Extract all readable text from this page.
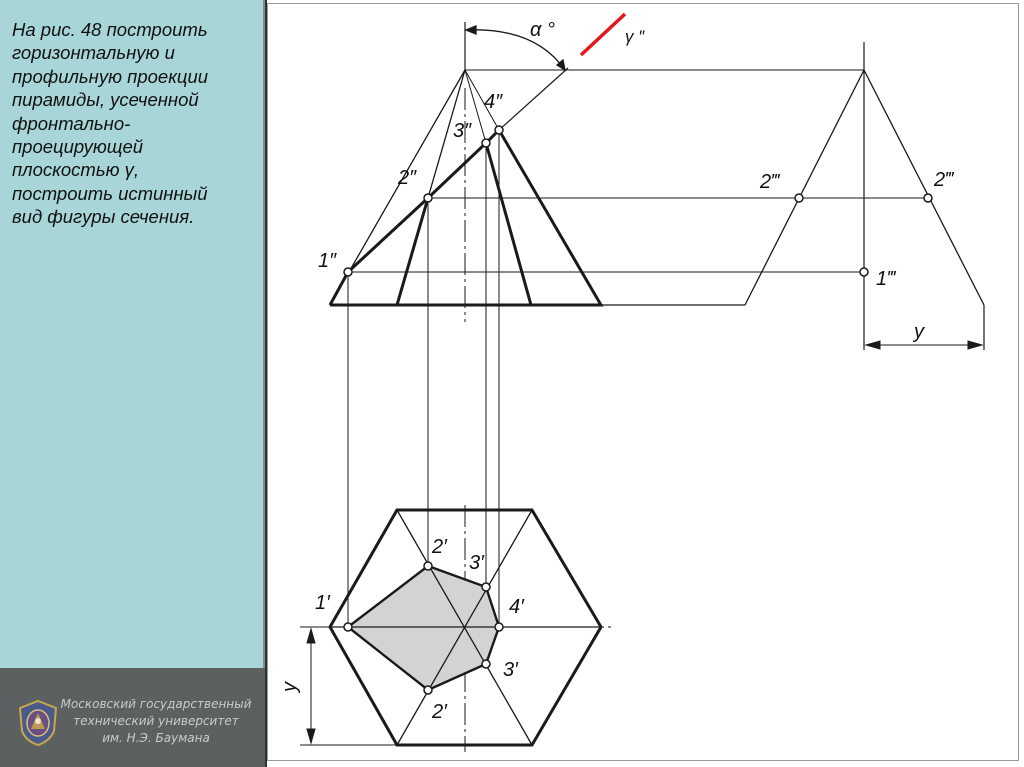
На рис. 48 построить
горизонтальную и
профильную проекции
пирамиды, усеченной
фронтально-
проецирующей
плоскостью γ,
построить истинный
вид фигуры сечения.

Московский государственный
технический университет
им. Н.Э. Баумана

α °	γ ″
1″
2″
3″
4″
1‴
2‴	2‴
y
y
1′
2′
3′
4′
3′
2′
